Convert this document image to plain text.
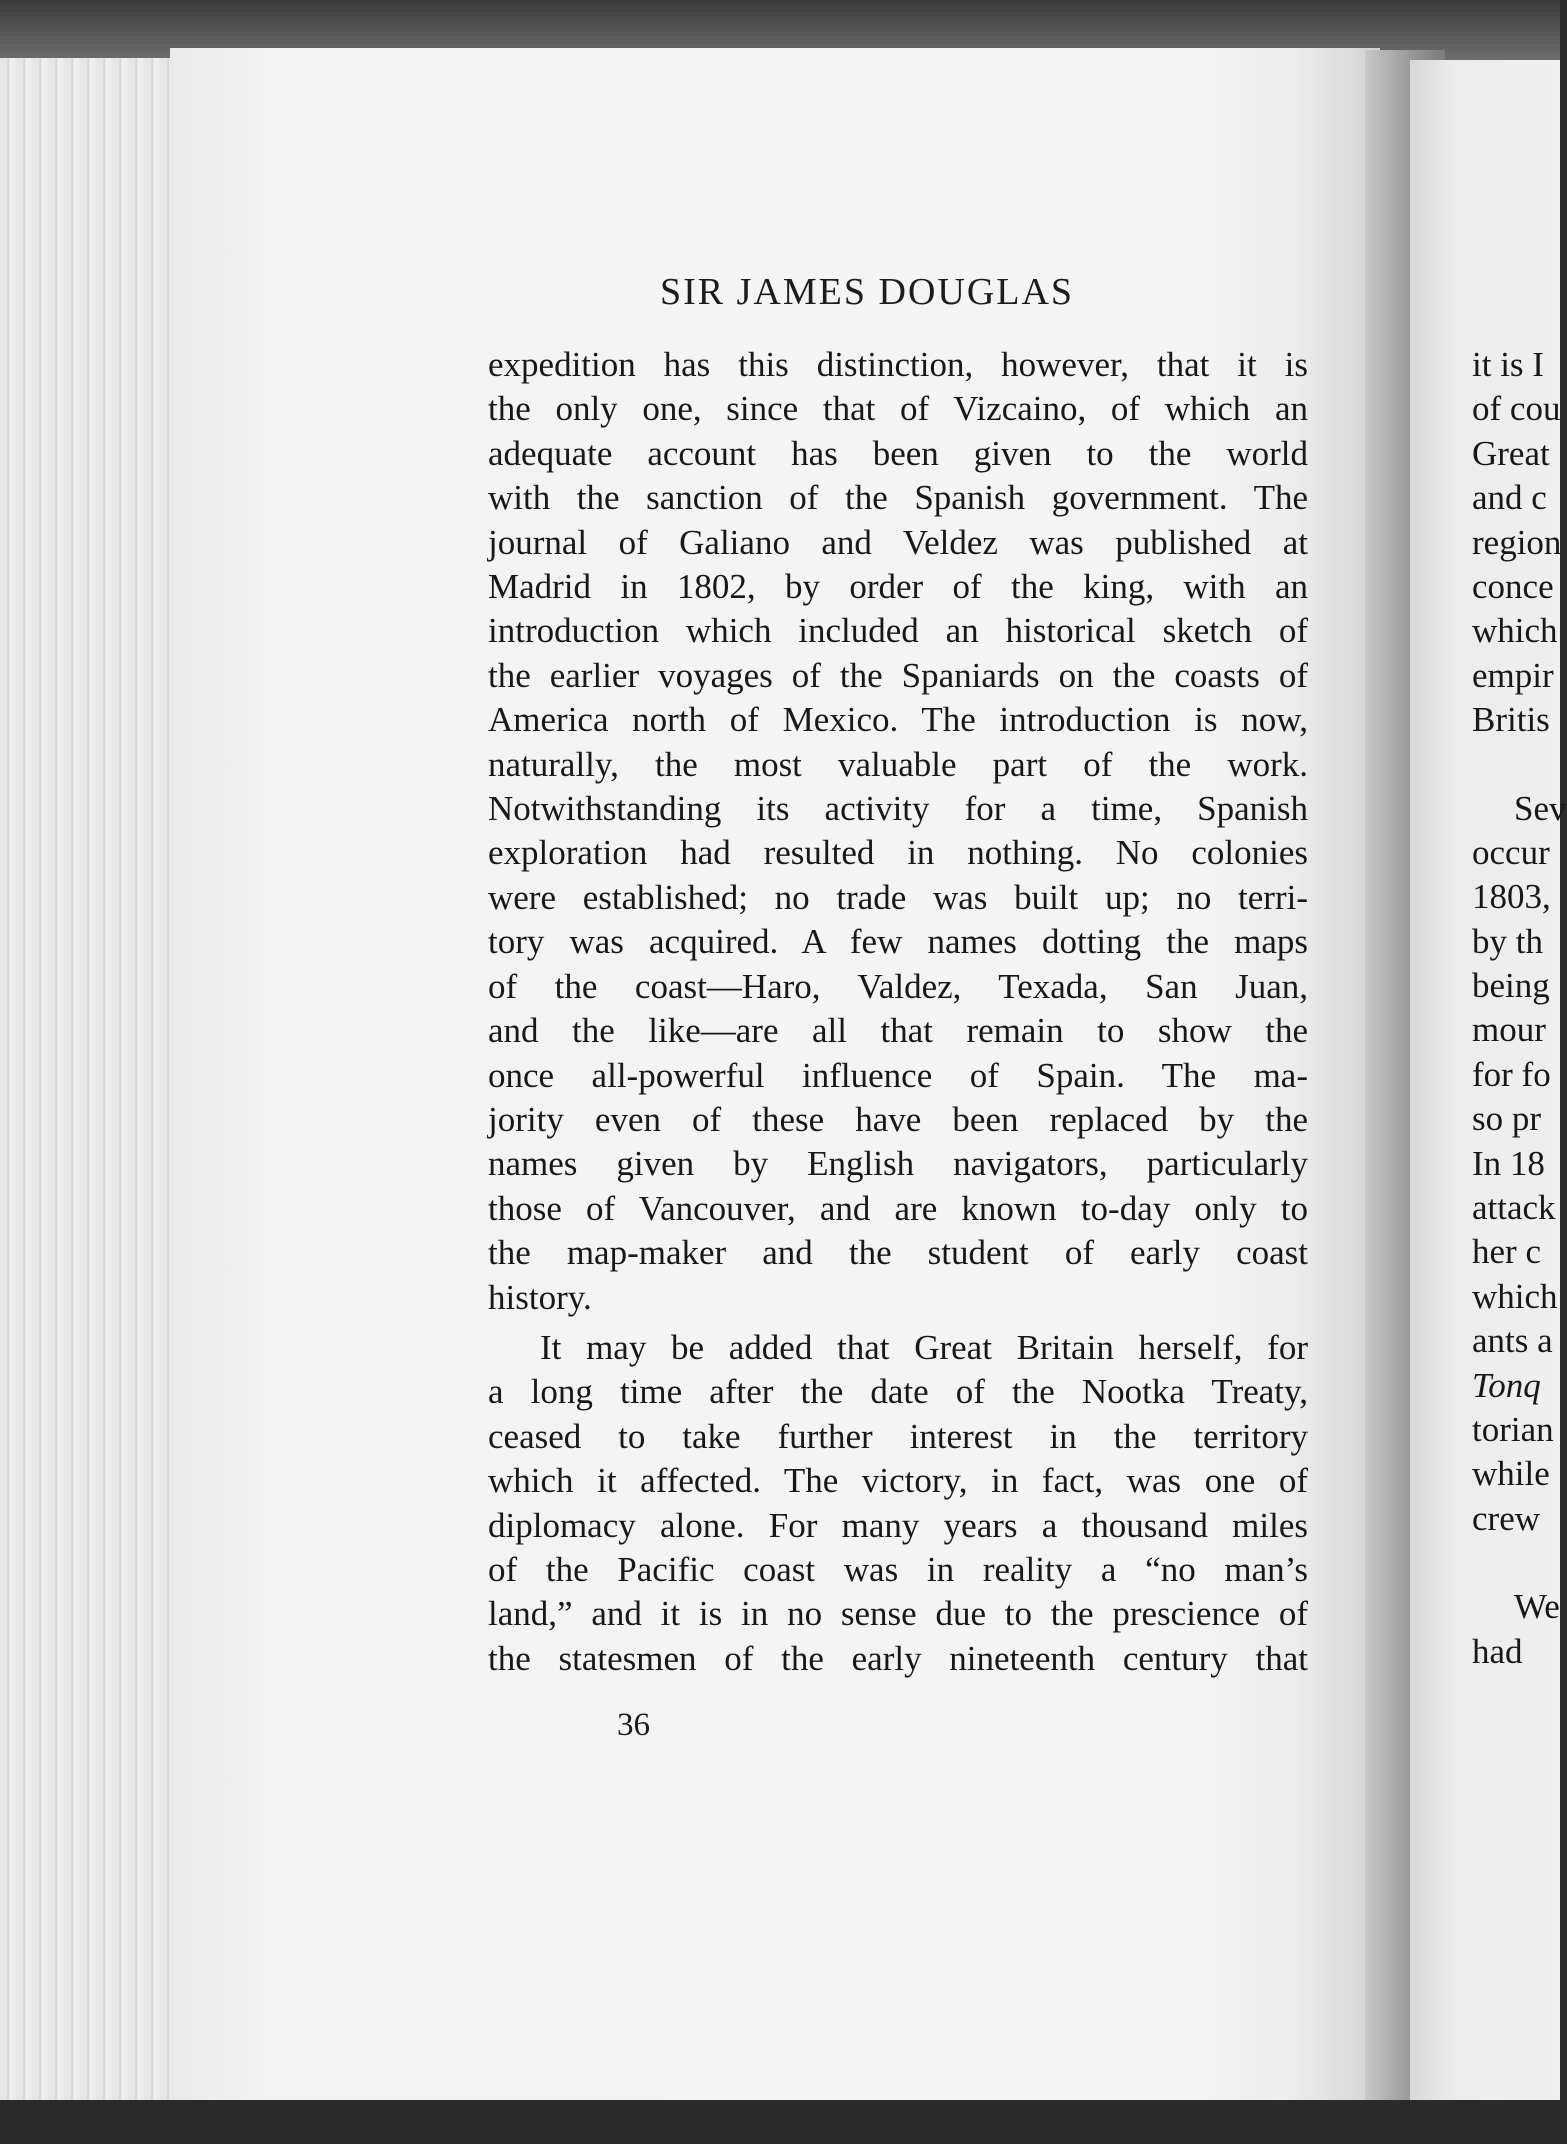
SIR JAMES DOUGLAS
expedition has this distinction, however, that it is
the only one, since that of Vizcaino, of which an
adequate account has been given to the world
with the sanction of the Spanish government. The
journal of Galiano and Veldez was published at
Madrid in 1802, by order of the king, with an
introduction which included an historical sketch of
the earlier voyages of the Spaniards on the coasts of
America north of Mexico. The introduction is now,
naturally, the most valuable part of the work.
Notwithstanding its activity for a time, Spanish
exploration had resulted in nothing. No colonies
were established; no trade was built up; no terri-
tory was acquired. A few names dotting the maps
of the coast—Haro, Valdez, Texada, San Juan,
and the like—are all that remain to show the
once all-powerful influence of Spain. The ma-
jority even of these have been replaced by the
names given by English navigators, particularly
those of Vancouver, and are known to-day only to
the map-maker and the student of early coast
history.
It may be added that Great Britain herself, for
a long time after the date of the Nootka Treaty,
ceased to take further interest in the territory
which it affected. The victory, in fact, was one of
diplomacy alone. For many years a thousand miles
of the Pacific coast was in reality a “no man’s
land,” and it is in no sense due to the prescience of
the statesmen of the early nineteenth century that
36
it is I
of cou
Great
and c
region
conce
which
empir
Britis
Sev
occur
1803,
by th
being
mour
for fo
so pr
In 18
attack
her c
which
ants a
Tonq
torian
while
crew
We
had
